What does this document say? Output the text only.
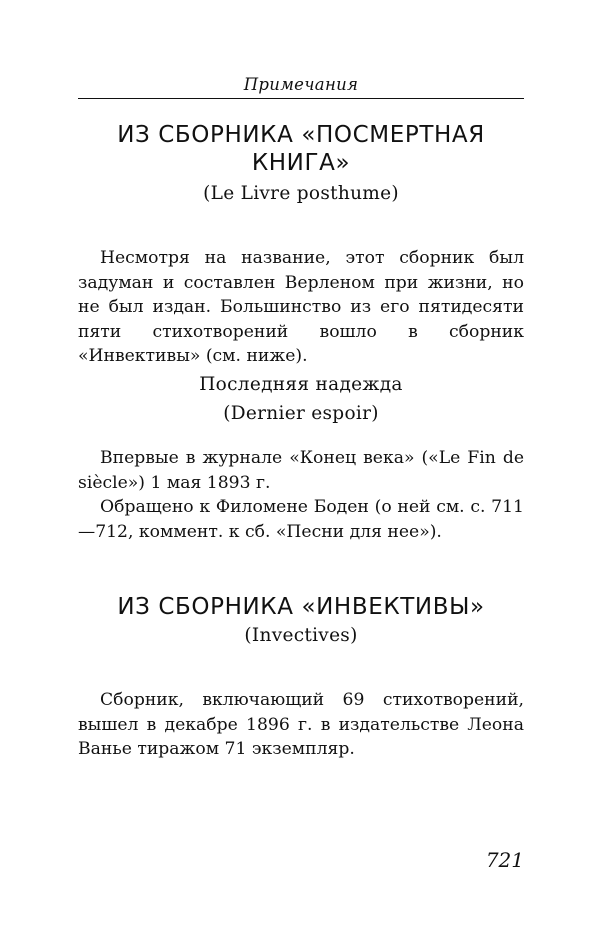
Примечания
ИЗ СБОРНИКА «ПОСМЕРТНАЯ
КНИГА»
(Le Livre posthume)

Несмотря на название, этот сборник был задуман и составлен Верленом при жизни, но не был издан. Большинство из его пятидесяти пяти стихотворений вошло в сборник «Инвективы» (см. ниже).

Последняя надежда
(Dernier espoir)

Впервые в журнале «Конец века» («Le Fin de siècle») 1 мая 1893 г.

Обращено к Филомене Боден (о ней см. с. 711—712, коммент. к сб. «Песни для нее»).

ИЗ СБОРНИКА «ИНВЕКТИВЫ»
(Invectives)

Сборник, включающий 69 стихотворений, вышел в декабре 1896 г. в издательстве Леона Ванье тиражом 71 экземпляр.

721
